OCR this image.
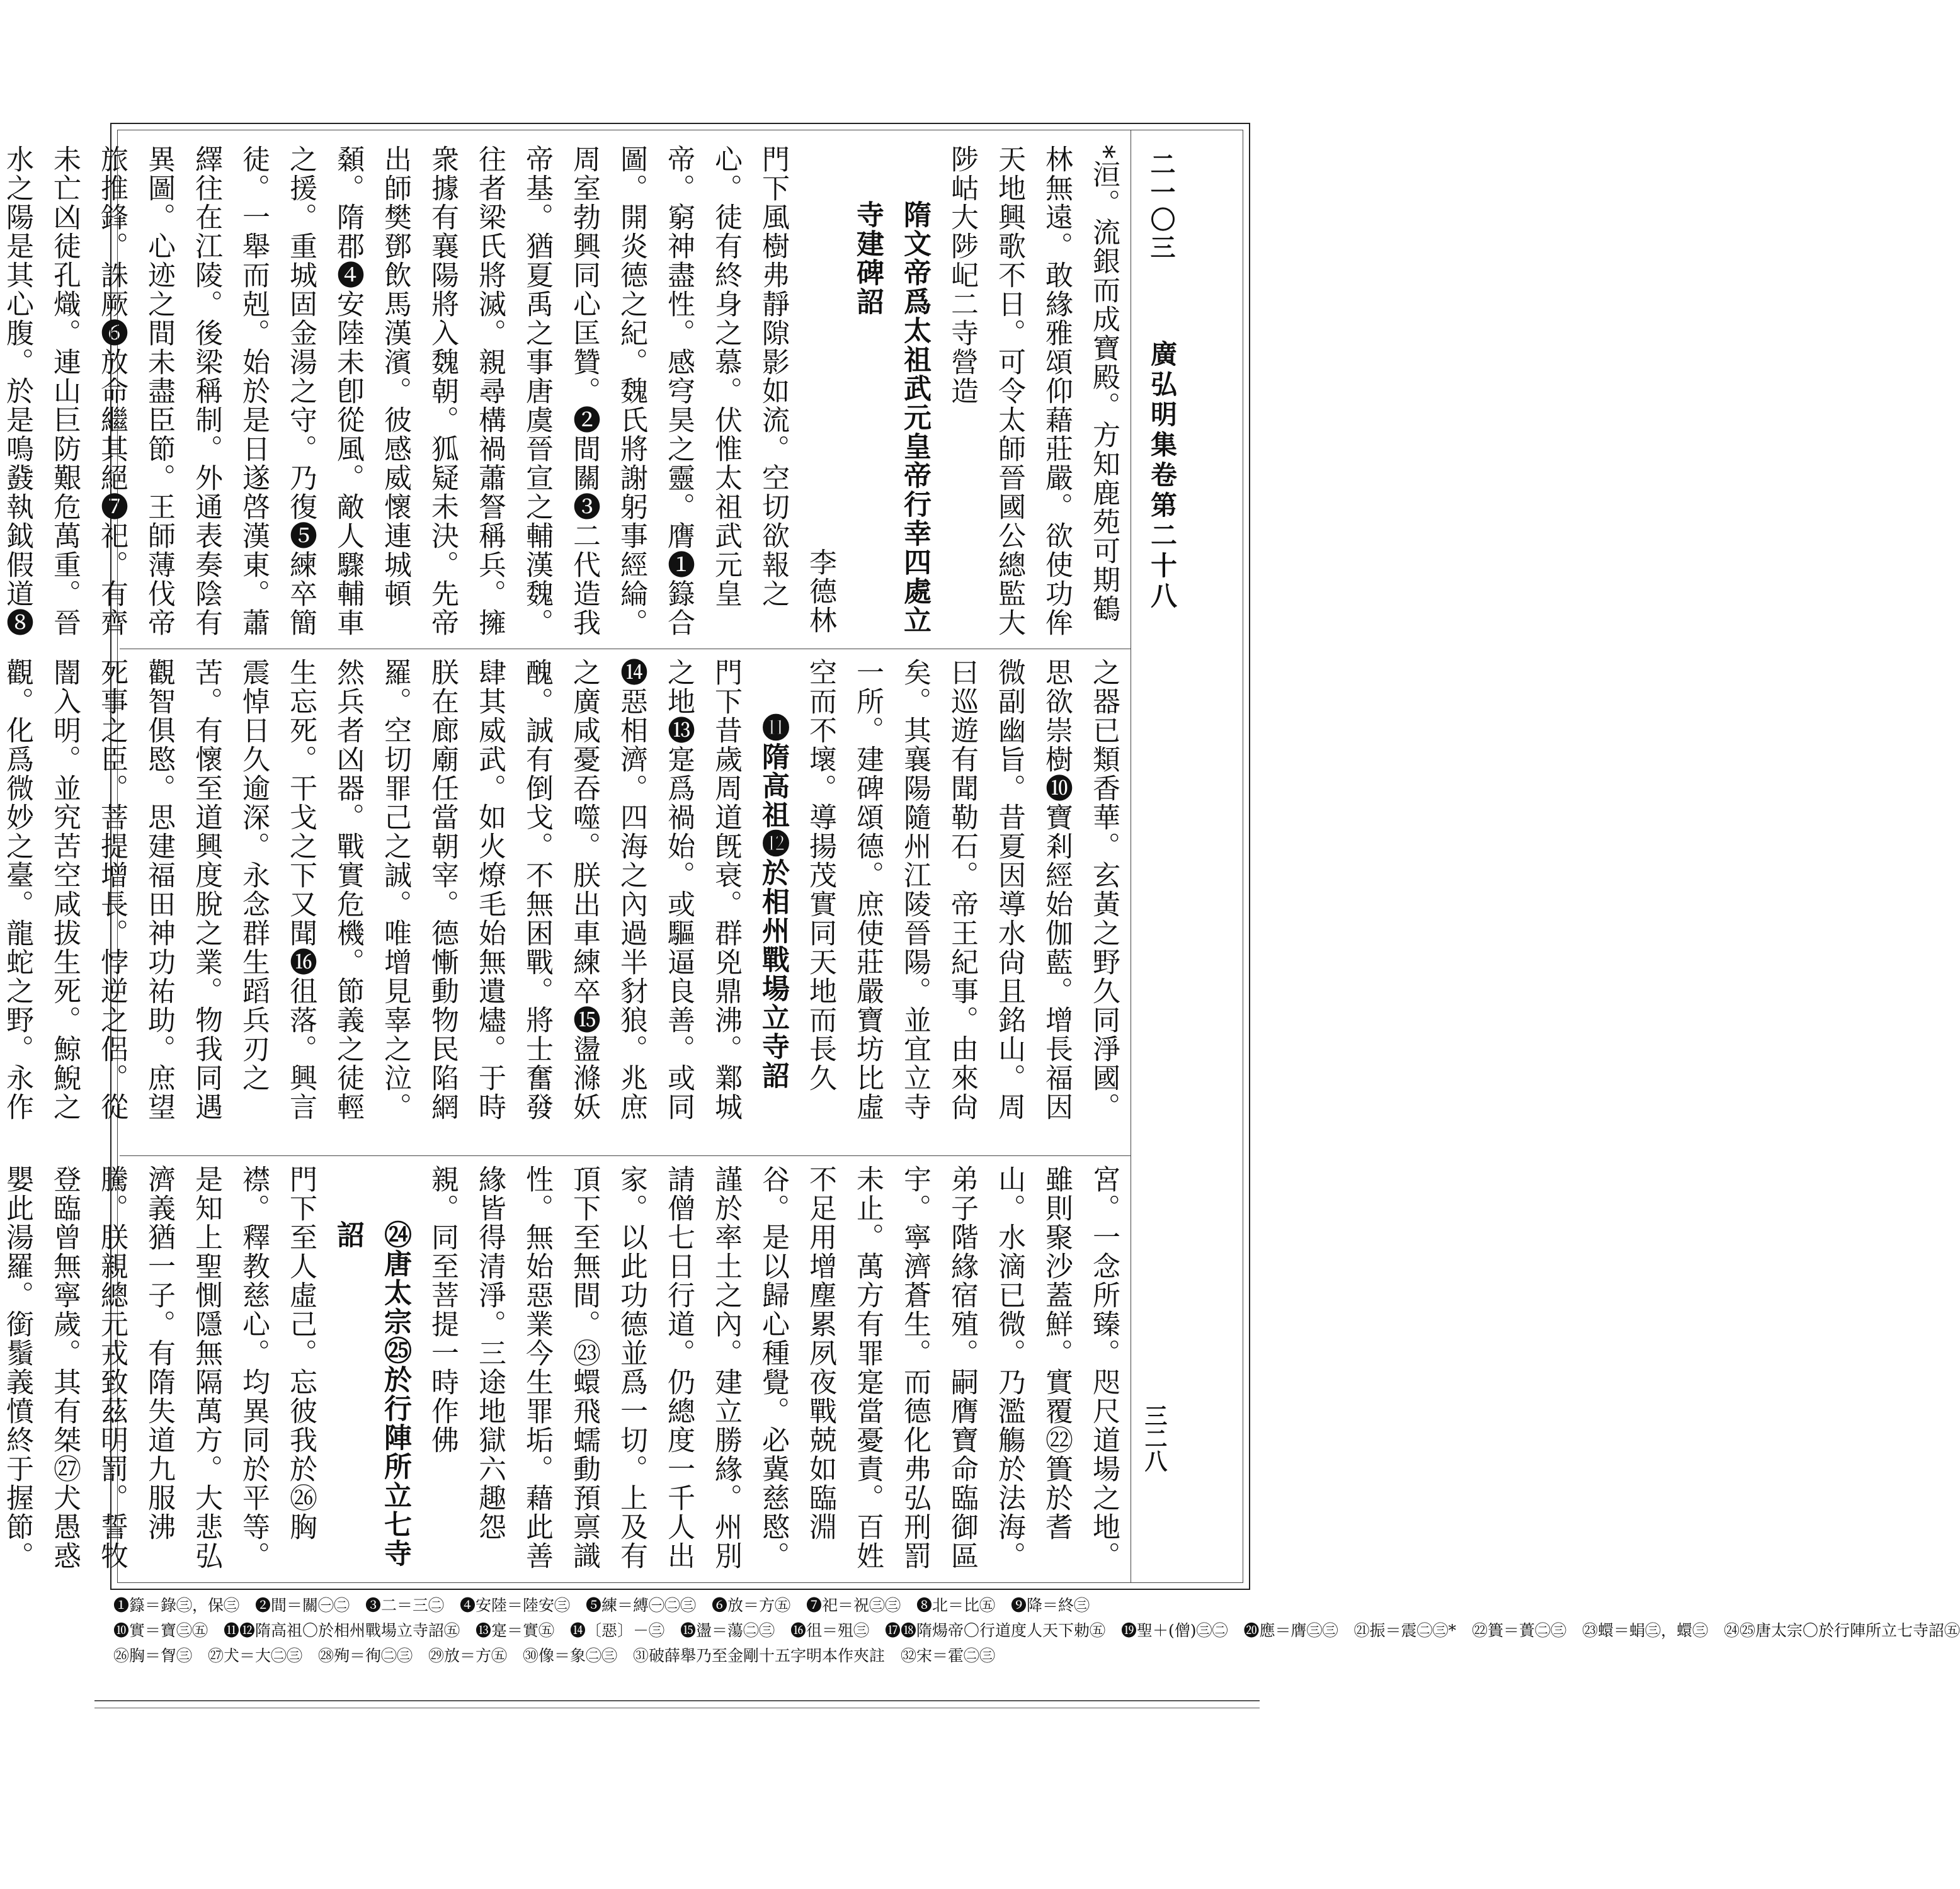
二一〇三
廣弘明集卷第二十八
三二八
*洹。流銀而成寶殿。方知鹿苑可期鶴林無遠。敢緣雅頌仰藉莊嚴。欲使功侔天地興歌不日。可令太師晉國公總監大陟岵大陟屺二寺營造
隋文帝爲太祖武元皇帝行幸四處立寺建碑詔
李德林
門下風樹弗靜隙影如流。空切欲報之心。徒有終身之慕。伏惟太祖武元皇帝。窮神盡性。感穹昊之靈。膺❶籙合圖。開炎德之紀。魏氏將謝躬事經綸。周室勃興同心匡贊。❷間關❸二代造我帝基。猶夏禹之事唐虞晉宣之輔漢魏。往者梁氏將滅。親尋構禍蕭詧稱兵。擁衆據有襄陽將入魏朝。狐疑未決。先帝出師樊鄧飲馬漢濱。彼感威懷連城頓顙。隋郡❹安陸未卽從風。敵人驟輔車之援。重城固金湯之守。乃復❺練卒簡徒。一舉而剋。始於是日遂啓漢東。蕭繹往在江陵。後梁稱制。外通表奏陰有異圖。心迹之間未盡臣節。王師薄伐帝旅推鋒。誅厥❻放命繼其絕❼祀。有齊未亡凶徒孔熾。連山巨防艱危萬重。晉水之陽是其心腹。於是鳴鼗執鉞假道❽
之器已類香華。玄黃之野久同淨國。思欲崇樹❿寶剎經始伽藍。增長福因微副幽旨。昔夏因導水尙且銘山。周曰巡遊有聞勒石。帝王紀事。由來尙矣。其襄陽隨州江陵晉陽。並宜立寺一所。建碑頌德。庶使莊嚴寶坊比虛空而不壞。導揚茂實同天地而長久
⓫隋高祖⓬於相州戰場立寺詔
門下昔歲周道旣衰。群兇鼎沸。鄴城之地⓭寔爲禍始。或驅逼良善。或同⓮惡相濟。四海之內過半豺狼。兆庶之廣咸憂吞噬。朕出車練卒⓯盪滌妖醜。誠有倒戈。不無困戰。將士奮發肆其威武。如火燎毛始無遺燼。于時朕在廊廟任當朝宰。德慚動物民陷網羅。空切罪己之誠。唯增見辜之泣。然兵者凶器。戰實危機。節義之徒輕生忘死。干戈之下又聞⓰徂落。興言震悼日久逾深。永念群生蹈兵刃之苦。有懷至道興度脫之業。物我同遇觀智俱愍。思建福田神功祐助。庶望死事之臣。菩提增長。悖逆之侶。從闇入明。並究苦空咸拔生死。鯨鯢之觀。化爲微妙之臺。龍蛇之野。永作
宮。一念所臻。咫尺道場之地。雖則聚沙蓋鮮。實覆㉒簣於耆山。水滴已微。乃濫觴於法海。弟子階緣宿殖。嗣膺寶命臨御區宇。寧濟蒼生。而德化弗弘刑罰未止。萬方有罪寔當憂責。百姓不足用增塵累夙夜戰兢如臨淵谷。是以歸心種覺。必冀慈愍。謹於率土之內。建立勝緣。州別請僧七日行道。仍總度一千人出家。以此功德並爲一切。上及有頂下至無間。㉓蠉飛蠕動預禀識性。無始惡業今生罪垢。藉此善緣皆得清淨。三途地獄六趣怨親。同至菩提一時作佛
㉔唐太宗㉕於行陣所立七寺詔
門下至人虛己。忘彼我於㉖胸襟。釋教慈心。均異同於平等。是知上聖惻隱無隔萬方。大悲弘濟義猶一子。有隋失道九服沸騰。朕親總元戎致茲明罰。誓牧登臨曾無寧歲。其有桀㉗犬愚惑嬰此湯羅。銜鬚義憤終于握節。
❶籙＝錄㊂，保㊂　❷間＝關㊀㊁　❸二＝三㊁　❹安陸＝陸安㊂　❺練＝縛㊀㊁㊂　❻放＝方㊄　❼祀＝祝㊂㊂　❽北＝比㊄　❾降＝終㊂
❿實＝寶㊂㊄　⓫⓬隋高祖〇於相州戰場立寺詔㊄　⓭寔＝實㊄　⓮〔惡〕－㊂　⓯盪＝蕩㊁㊂　⓰徂＝殂㊂　⓱⓲隋煬帝〇行道度人天下勅㊄　⓳聖＋(僧)㊂㊁　⓴應＝膺㊂㊂　㉑振＝震㊁㊂*　㉒簣＝蕢㊁㊂　㉓蠉＝蜎㊂，蠉㊂　㉔㉕唐太宗〇於行陣所立七寺詔㊄
㉖胸＝胷㊂　㉗犬＝大㊁㊂　㉘殉＝徇㊁㊂　㉙放＝方㊄　㉚像＝象㊁㊂　㉛破薛舉乃至金剛十五字明本作夾註　㉜宋＝霍㊁㊂
